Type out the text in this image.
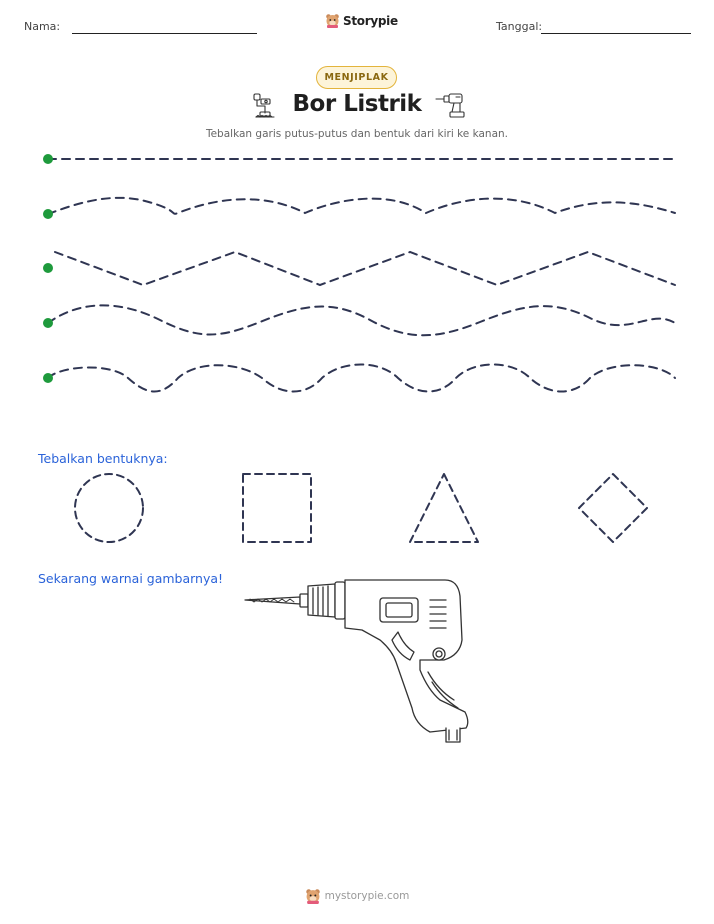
Nama:	Storypie	Tanggal:
MENJIPLAK
Bor Listrik
Tebalkan garis putus-putus dan bentuk dari kiri ke kanan.
Tebalkan bentuknya:
Sekarang warnai gambarnya!
mystorypie.com
